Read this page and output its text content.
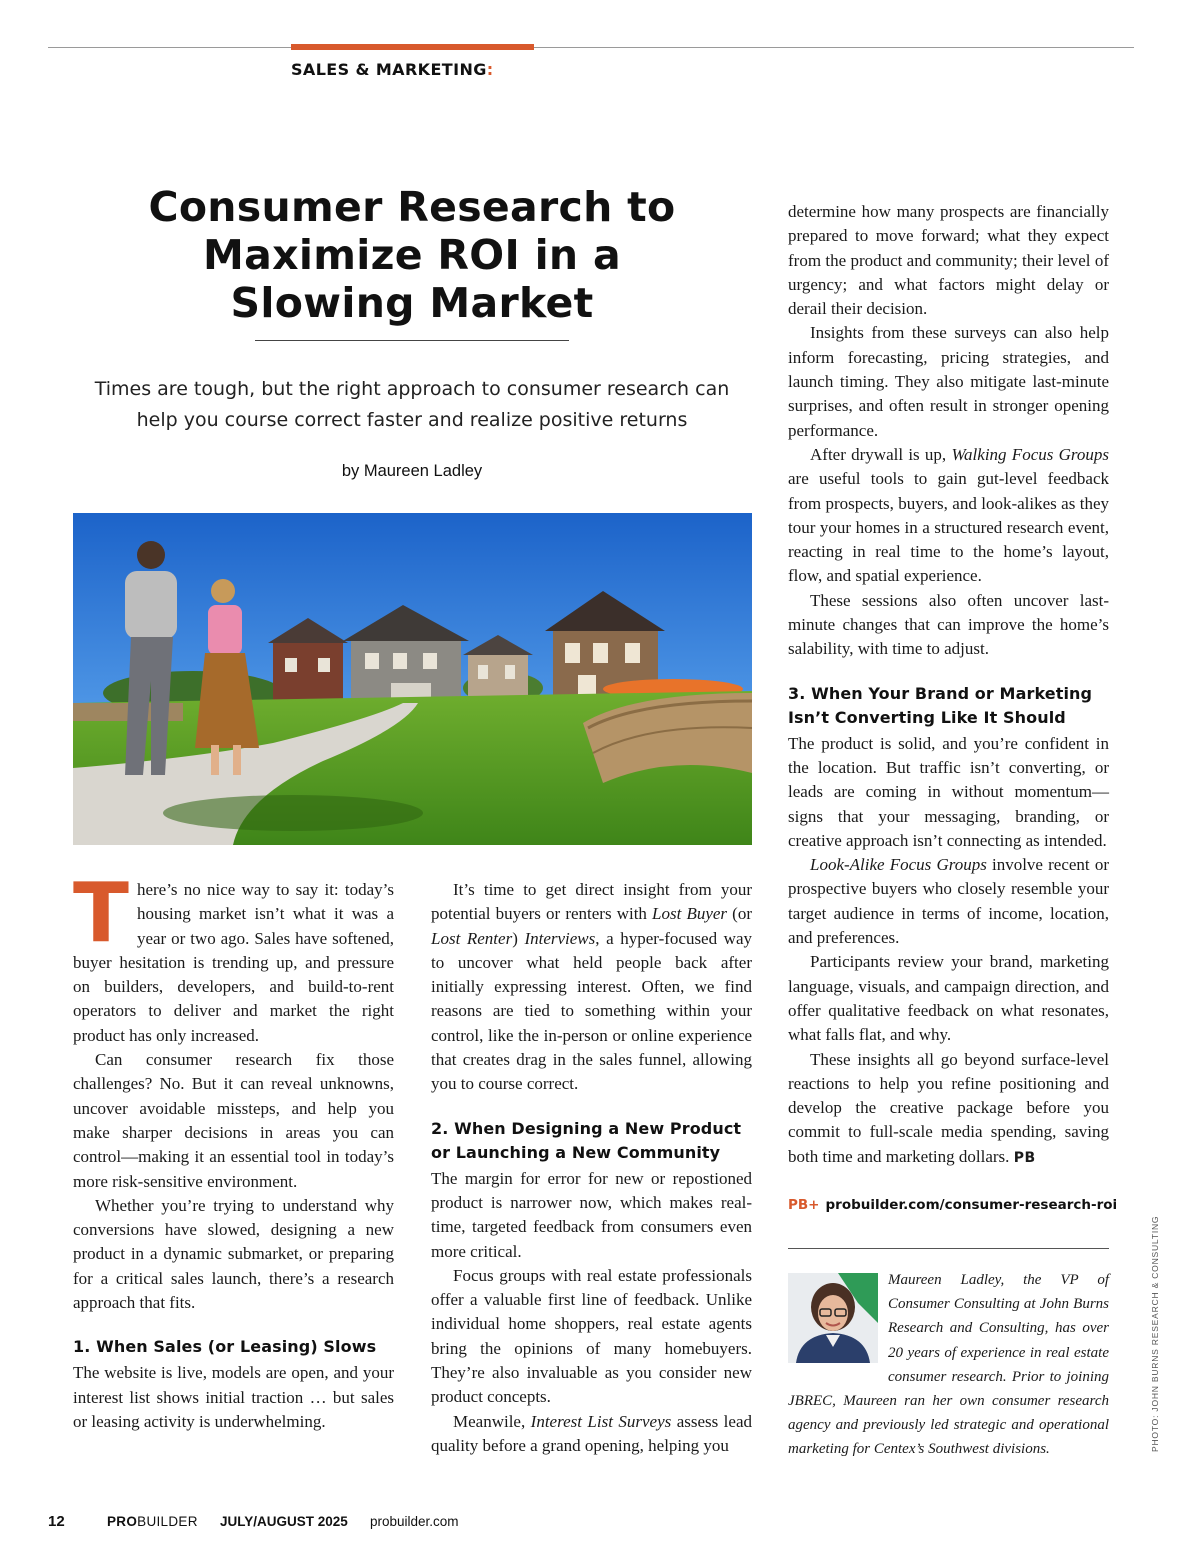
SALES & MARKETING:
Consumer Research to Maximize ROI in a Slowing Market

Times are tough, but the right approach to consumer research can help you course correct faster and realize positive returns

by Maureen Ladley

There’s no nice way to say it: today’s housing market isn’t what it was a year or two ago. Sales have softened, buyer hesitation is trending up, and pressure on builders, developers, and build-to-rent operators to deliver and market the right product has only increased.

Can consumer research fix those challenges? No. But it can reveal unknowns, uncover avoidable missteps, and help you make sharper decisions in areas you can control—making it an essential tool in today’s more risk-sensitive environment.

Whether you’re trying to understand why conversions have slowed, designing a new product in a dynamic submarket, or preparing for a critical sales launch, there’s a research approach that fits.

1. When Sales (or Leasing) Slows

The website is live, models are open, and your interest list shows initial traction … but sales or leasing activity is underwhelming.

It’s time to get direct insight from your potential buyers or renters with Lost Buyer (or Lost Renter) Interviews, a hyper-focused way to uncover what held people back after initially expressing interest. Often, we find reasons are tied to something within your control, like the in-person or online experience that creates drag in the sales funnel, allowing you to course correct.

2. When Designing a New Product
or Launching a New Community

The margin for error for new or repostioned product is narrower now, which makes real-time, targeted feedback from consumers even more critical.

Focus groups with real estate professionals offer a valuable first line of feedback. Unlike individual home shoppers, real estate agents bring the opinions of many homebuyers. They’re also invaluable as you consider new product concepts.

Meanwile, Interest List Surveys assess lead quality before a grand opening, helping you

determine how many prospects are financially prepared to move forward; what they expect from the product and community; their level of urgency; and what factors might delay or derail their decision.

Insights from these surveys can also help inform forecasting, pricing strategies, and launch timing. They also mitigate last-minute surprises, and often result in stronger opening performance.

After drywall is up, Walking Focus Groups are useful tools to gain gut-level feedback from prospects, buyers, and look-alikes as they tour your homes in a structured research event, reacting in real time to the home’s layout, flow, and spatial experience.

These sessions also often uncover last-minute changes that can improve the home’s salability, with time to adjust.

3. When Your Brand or Marketing
Isn’t Converting Like It Should

The product is solid, and you’re confident in the location. But traffic isn’t converting, or leads are coming in without momentum—signs that your messaging, branding, or creative approach isn’t connecting as intended.

Look-Alike Focus Groups involve recent or prospective buyers who closely resemble your target audience in terms of income, location, and preferences.

Participants review your brand, marketing language, visuals, and campaign direction, and offer qualitative feedback on what resonates, what falls flat, and why.

These insights all go beyond surface-level reactions to help you refine positioning and develop the creative package before you commit to full-scale media spending, saving both time and marketing dollars. PB

PB+ probuilder.com/consumer-research-roi
Maureen Ladley, the VP of Consumer Consulting at John Burns Research and Consulting, has over 20 years of experience in real estate consumer research. Prior to joining JBREC, Maureen ran her own consumer research agency and previously led strategic and operational marketing for Centex’s Southwest divisions.	PHOTO: JOHN BURNS RESEARCH & CONSULTING
12	PROBUILDER JULY/AUGUST 2025 probuilder.com
